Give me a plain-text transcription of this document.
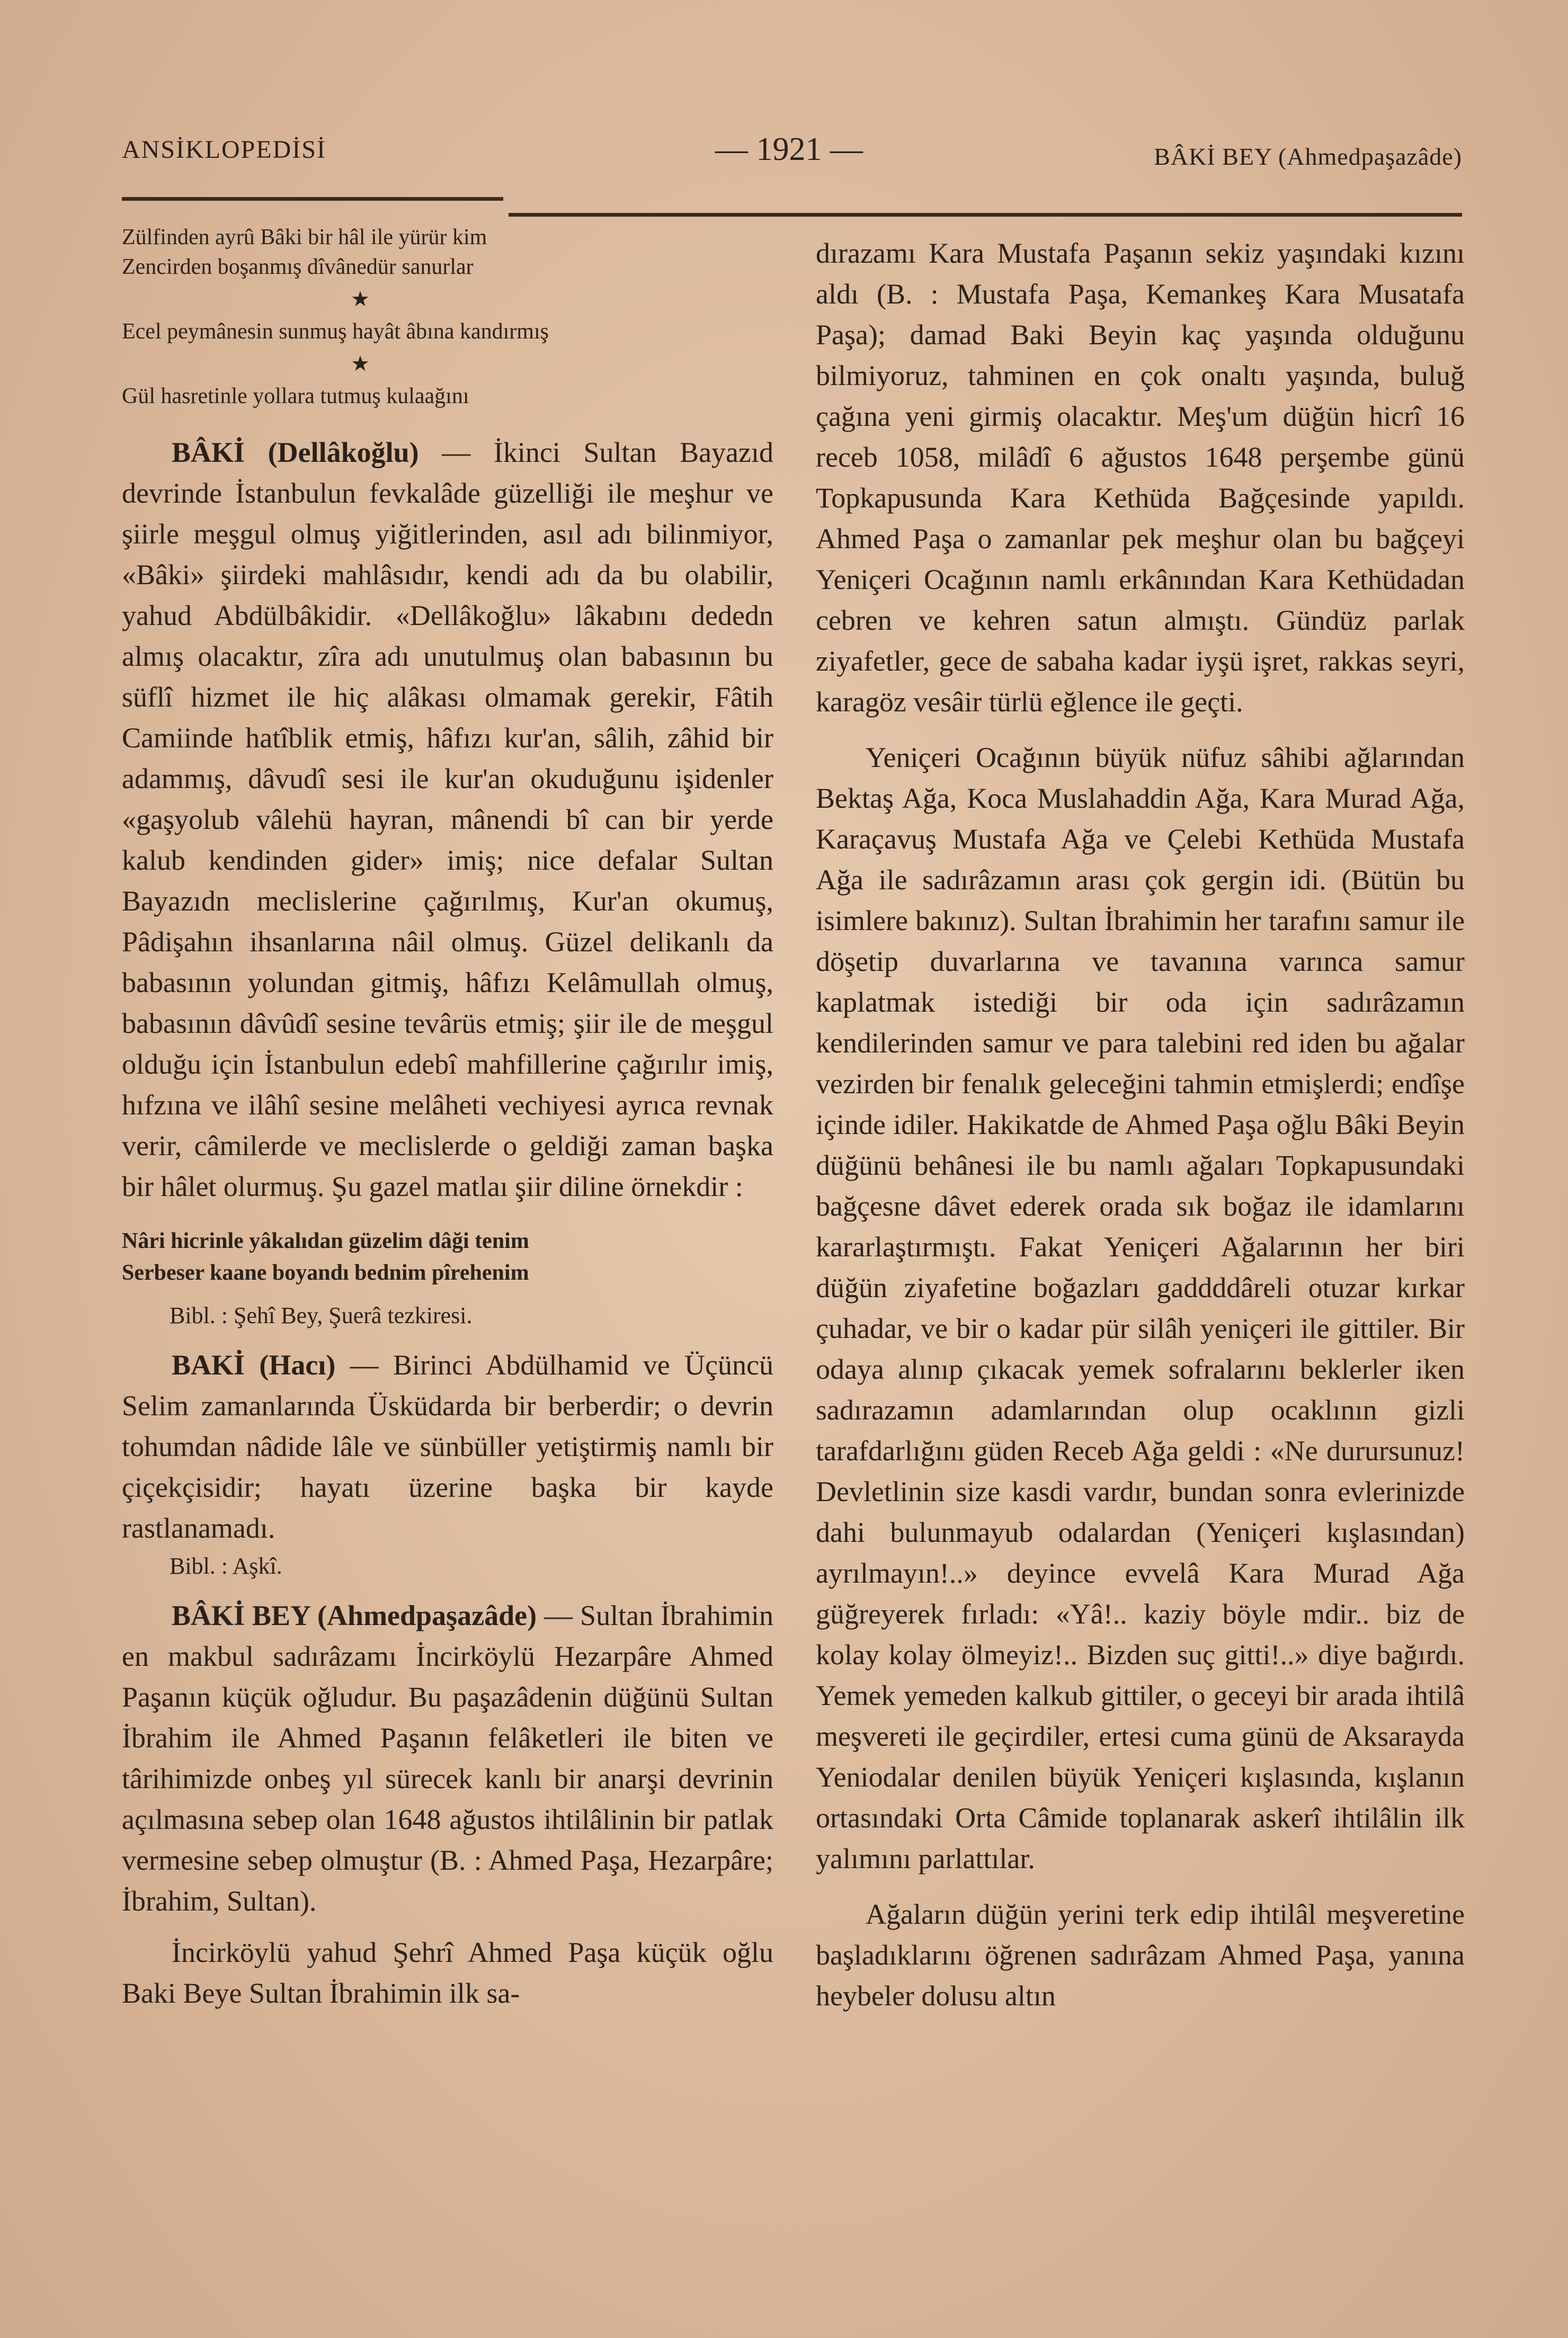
ANSİKLOPEDİSİ	— 1921 —	BÂKİ BEY (Ahmedpaşazâde)

Zülfinden ayrû Bâki bir hâl ile yürür kim

Zencirden boşanmış dîvânedür sanurlar

★

Ecel peymânesin sunmuş hayât âbına kandırmış

★

Gül hasretinle yollara tutmuş kulaağını

BÂKİ (Dellâkoğlu) — İkinci Sultan Bayazıd devrinde İstanbulun fevkalâde güzelliği ile meşhur ve şiirle meşgul olmuş yiğitlerinden, asıl adı bilinmiyor, «Bâki» şiirdeki mahlâsıdır, kendi adı da bu olabilir, yahud Abdülbâkidir. «Dellâkoğlu» lâkabını dededn almış olacaktır, zîra adı unutulmuş olan babasının bu süflî hizmet ile hiç alâkası olmamak gerekir, Fâtih Camiinde hatîblik etmiş, hâfızı kur'an, sâlih, zâhid bir adammış, dâvudî sesi ile kur'an okuduğunu işidenler «gaşyolub vâlehü hayran, mânendi bî can bir yerde kalub kendinden gider» imiş; nice defalar Sultan Bayazıdn meclislerine çağırılmış, Kur'an okumuş, Pâdişahın ihsanlarına nâil olmuş. Güzel delikanlı da babasının yolundan gitmiş, hâfızı Kelâmullah olmuş, babasının dâvûdî sesine tevârüs etmiş; şiir ile de meşgul olduğu için İstanbulun edebî mahfillerine çağırılır imiş, hıfzına ve ilâhî sesine melâheti vechiyesi ayrıca revnak verir, câmilerde ve meclislerde o geldiği zaman başka bir hâlet olurmuş. Şu gazel matlaı şiir diline örnekdir :

Nâri hicrinle yâkalıdan güzelim dâği tenim

Serbeser kaane boyandı bednim pîrehenim

Bibl. : Şehî Bey, Şuerâ tezkiresi.

BAKİ (Hacı) — Birinci Abdülhamid ve Üçüncü Selim zamanlarında Üsküdarda bir berberdir; o devrin tohumdan nâdide lâle ve sünbüller yetiştirmiş namlı bir çiçekçisidir; hayatı üzerine başka bir kayde rastlanamadı.

Bibl. : Aşkî.

BÂKİ BEY (Ahmedpaşazâde) — Sultan İbrahimin en makbul sadırâzamı İncirköylü Hezarpâre Ahmed Paşanın küçük oğludur. Bu paşazâdenin düğünü Sultan İbrahim ile Ahmed Paşanın felâketleri ile biten ve târihimizde onbeş yıl sürecek kanlı bir anarşi devrinin açılmasına sebep olan 1648 ağustos ihtilâlinin bir patlak vermesine sebep olmuştur (B. : Ahmed Paşa, Hezarpâre; İbrahim, Sultan).

İncirköylü yahud Şehrî Ahmed Paşa küçük oğlu Baki Beye Sultan İbrahimin ilk sa-

dırazamı Kara Mustafa Paşanın sekiz yaşındaki kızını aldı (B. : Mustafa Paşa, Kemankeş Kara Musatafa Paşa); damad Baki Beyin kaç yaşında olduğunu bilmiyoruz, tahminen en çok onaltı yaşında, buluğ çağına yeni girmiş olacaktır. Meş'um düğün hicrî 16 receb 1058, milâdî 6 ağustos 1648 perşembe günü Topkapusunda Kara Kethüda Bağçesinde yapıldı. Ahmed Paşa o zamanlar pek meşhur olan bu bağçeyi Yeniçeri Ocağının namlı erkânından Kara Kethüdadan cebren ve kehren satun almıştı. Gündüz parlak ziyafetler, gece de sabaha kadar iyşü işret, rakkas seyri, karagöz vesâir türlü eğlence ile geçti.

Yeniçeri Ocağının büyük nüfuz sâhibi ağlarından Bektaş Ağa, Koca Muslahaddin Ağa, Kara Murad Ağa, Karaçavuş Mustafa Ağa ve Çelebi Kethüda Mustafa Ağa ile sadırâzamın arası çok gergin idi. (Bütün bu isimlere bakınız). Sultan İbrahimin her tarafını samur ile döşetip duvarlarına ve tavanına varınca samur kaplatmak istediği bir oda için sadırâzamın kendilerinden samur ve para talebini red iden bu ağalar vezirden bir fenalık geleceğini tahmin etmişlerdi; endîşe içinde idiler. Hakikatde de Ahmed Paşa oğlu Bâki Beyin düğünü behânesi ile bu namlı ağaları Topkapusundaki bağçesne dâvet ederek orada sık boğaz ile idamlarını kararlaştırmıştı. Fakat Yeniçeri Ağalarının her biri düğün ziyafetine boğazları gaddddâreli otuzar kırkar çuhadar, ve bir o kadar pür silâh yeniçeri ile gittiler. Bir odaya alınıp çıkacak yemek sofralarını beklerler iken sadırazamın adamlarından olup ocaklının gizli tarafdarlığını güden Receb Ağa geldi : «Ne durursunuz! Devletlinin size kasdi vardır, bundan sonra evlerinizde dahi bulunmayub odalardan (Yeniçeri kışlasından) ayrılmayın!..» deyince evvelâ Kara Murad Ağa güğreyerek fırladı: «Yâ!.. kaziy böyle mdir.. biz de kolay kolay ölmeyiz!.. Bizden suç gitti!..» diye bağırdı. Yemek yemeden kalkub gittiler, o geceyi bir arada ihtilâ meşvereti ile geçirdiler, ertesi cuma günü de Aksarayda Yeniodalar denilen büyük Yeniçeri kışlasında, kışlanın ortasındaki Orta Câmide toplanarak askerî ihtilâlin ilk yalımını parlattılar.

Ağaların düğün yerini terk edip ihtilâl meşveretine başladıklarını öğrenen sadırâzam Ahmed Paşa, yanına heybeler dolusu altın
